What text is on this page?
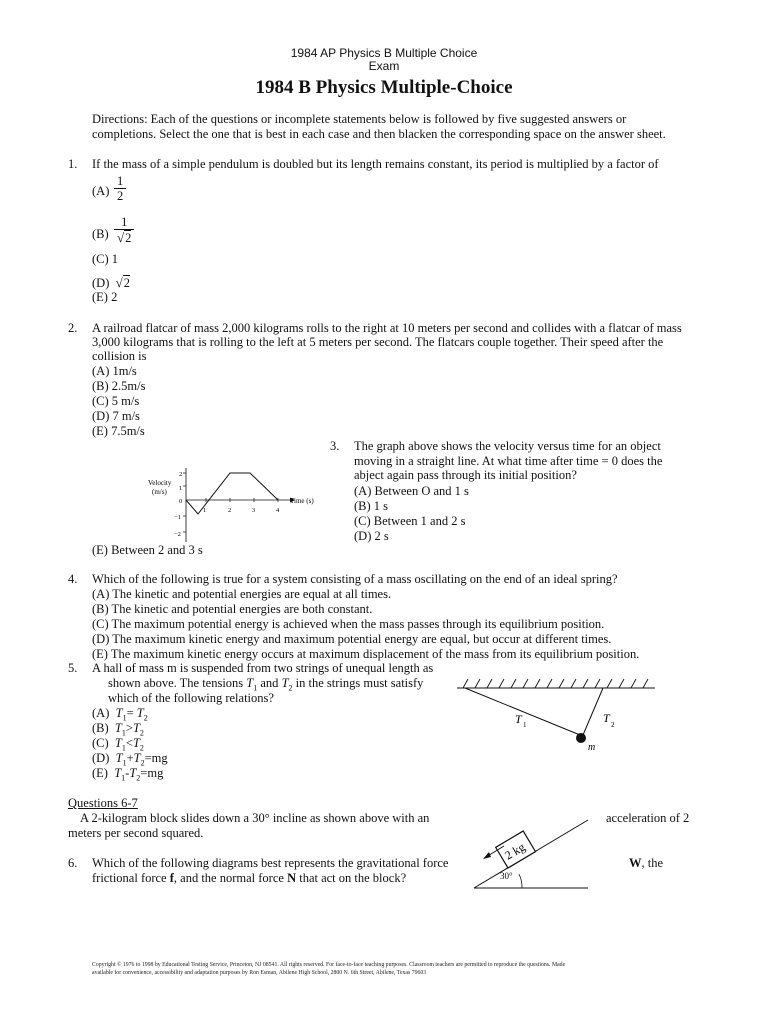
1984 AP Physics B Multiple Choice
Exam
1984 B Physics Multiple-Choice
Directions: Each of the questions or incomplete statements below is followed by five suggested answers or
completions. Select the one that is best in each case and then blacken the corresponding space on the answer sheet.
1. If the mass of a simple pendulum is doubled but its length remains constant, its period is multiplied by a factor of
$(A) \frac{1}{2}$
$(B) \frac{1}{√2}$
(C) 1
(D) √2
(E) 2
2. A railroad flatcar of mass 2,000 kilograms rolls to the right at 10 meters per second and collides with a flatcar of mass
3,000 kilograms that is rolling to the left at 5 meters per second. The flatcars couple together. Their speed after the
collision is
(A) 1m/s
(B) 2.5m/s
(C) 5 m/s
(D) 7 m/s
(E) 7.5m/s
Velocity
(m/s)
Time (s)
2
1
0
−1
−2
1	2	3	4
3. The graph above shows the velocity versus time for an object
moving in a straight line. At what time after time = 0 does the
abject again pass through its initial position?
(A) Between O and 1 s
(B) 1 s
(C) Between 1 and 2 s
(D) 2 s
(E) Between 2 and 3 s
4. Which of the following is true for a system consisting of a mass oscillating on the end of an ideal spring?
(A) The kinetic and potential energies are equal at all times.
(B) The kinetic and potential energies are both constant.
(C) The maximum potential energy is achieved when the mass passes through its equilibrium position.
(D) The maximum kinetic energy and maximum potential energy are equal, but occur at different times.
(E) The maximum kinetic energy occurs at maximum displacement of the mass from its equilibrium position.
5. A hall of mass m is suspended from two strings of unequal length as
shown above. The tensions $T_1$ and $T_2$ in the strings must satisfy
which of the following relations?
(A) $T_1= T_2$
(B) $T_1>T_2$
(C) $T_1<T_2$
(D) $T_1+T_2=mg$
(E) $T_1-T_2=mg$
T 1	T 2
m
Questions 6-7
A 2-kilogram block slides down a 30° incline as shown above with an	acceleration of 2
meters per second squared.
2 kg
30°
6. Which of the following diagrams best represents the gravitational force	W, the
frictional force f, and the normal force N that act on the block?
Copyright © 1976 to 1998 by Educational Testing Service, Princeton, NJ 08541. All rights reserved. For face-to-face teaching purposes. Classroom teachers are permitted to reproduce the questions. Made
available for convenience, accessibility and adaptation purposes by Ron Esman, Abilene High School, 2800 N. 6th Street, Abilene, Texas 79603
